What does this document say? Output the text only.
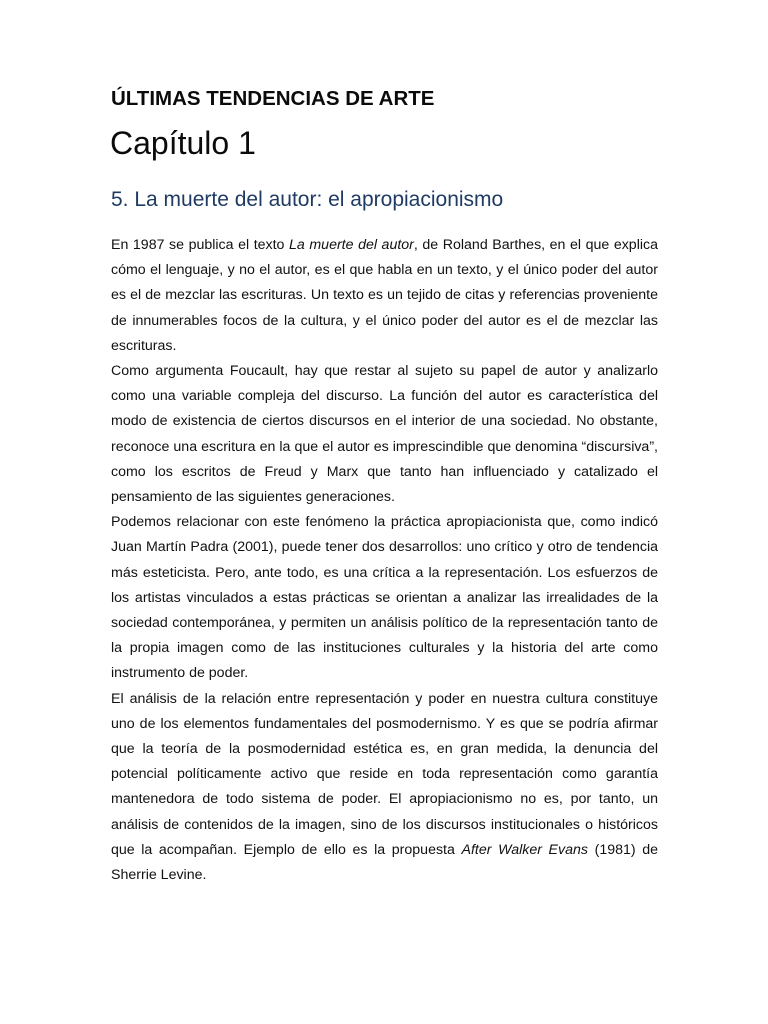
ÚLTIMAS TENDENCIAS DE ARTE
Capítulo 1
5. La muerte del autor: el apropiacionismo

En 1987 se publica el texto La muerte del autor, de Roland Barthes, en el que explica cómo el lenguaje, y no el autor, es el que habla en un texto, y el único poder del autor es el de mezclar las escrituras. Un texto es un tejido de citas y referencias proveniente de innumerables focos de la cultura, y el único poder del autor es el de mezclar las escrituras.

Como argumenta Foucault, hay que restar al sujeto su papel de autor y analizarlo como una variable compleja del discurso. La función del autor es característica del modo de existencia de ciertos discursos en el interior de una sociedad. No obstante, reconoce una escritura en la que el autor es imprescindible que denomina “discursiva”, como los escritos de Freud y Marx que tanto han influenciado y catalizado el pensamiento de las siguientes generaciones.

Podemos relacionar con este fenómeno la práctica apropiacionista que, como indicó Juan Martín Padra (2001), puede tener dos desarrollos: uno crítico y otro de tendencia más esteticista. Pero, ante todo, es una crítica a la representación. Los esfuerzos de los artistas vinculados a estas prácticas se orientan a analizar las irrealidades de la sociedad contemporánea, y permiten un análisis político de la representación tanto de la propia imagen como de las instituciones culturales y la historia del arte como instrumento de poder.

El análisis de la relación entre representación y poder en nuestra cultura constituye uno de los elementos fundamentales del posmodernismo. Y es que se podría afirmar que la teoría de la posmodernidad estética es, en gran medida, la denuncia del potencial políticamente activo que reside en toda representación como garantía mantenedora de todo sistema de poder. El apropiacionismo no es, por tanto, un análisis de contenidos de la imagen, sino de los discursos institucionales o históricos que la acompañan. Ejemplo de ello es la propuesta After Walker Evans (1981) de Sherrie Levine.
